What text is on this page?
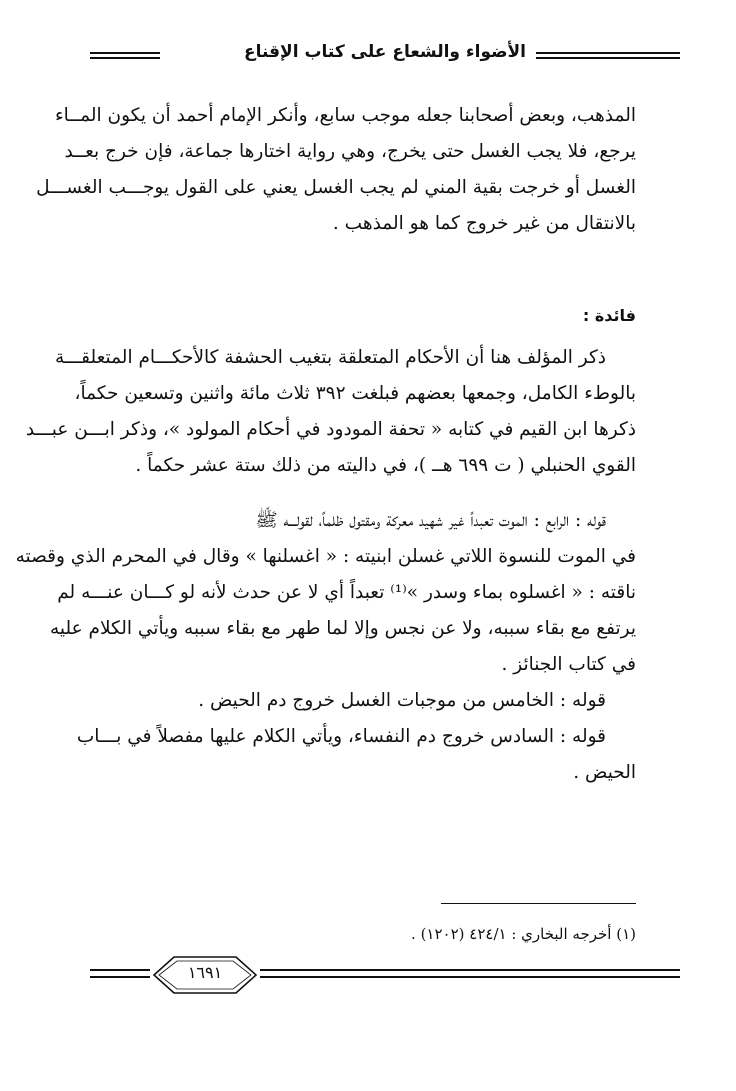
الأضواء والشعاع على كتاب الإقناع
المذهب، وبعض أصحابنا جعله موجب سابع، وأنكر الإمام أحمد أن يكون المــاء
يرجع، فلا يجب الغسل حتى يخرج، وهي رواية اختارها جماعة، فإن خرج بعــد
الغسل أو خرجت بقية المني لم يجب الغسل يعني على القول يوجـــب الغســـل
بالانتقال من غير خروج كما هو المذهب .
فائدة :
ذكر المؤلف هنا أن الأحكام المتعلقة بتغيب الحشفة كالأحكـــام المتعلقـــة
بالوطء الكامل، وجمعها بعضهم فبلغت ٣٩٢ ثلاث مائة واثنين وتسعين حكماً،
ذكرها ابن القيم في كتابه « تحفة المودود في أحكام المولود »، وذكر ابـــن عبـــد
القوي الحنبلي ( ت ٦٩٩ هــ )، في داليته من ذلك ستة عشر حكماً .
قوله : الرابع : الموت تعبداً غير شهيد معركة ومقتول ظلماً، لقولـــه ﷺ
في الموت للنسوة اللاتي غسلن ابنيته : « اغسلنها » وقال في المحرم الذي وقصته
ناقته : « اغسلوه بماء وسدر »⁽¹⁾ تعبداً أي لا عن حدث لأنه لو كـــان عنـــه لم
يرتفع مع بقاء سببه، ولا عن نجس وإلا لما طهر مع بقاء سببه ويأتي الكلام عليه
في كتاب الجنائز .
قوله : الخامس من موجبات الغسل خروج دم الحيض .
قوله : السادس خروج دم النفساء، ويأتي الكلام عليها مفصلاً في بـــاب
الحيض .
(١) أخرجه البخاري : ٤٢٤/١ (١٢٠٢) .
١٦٩١
